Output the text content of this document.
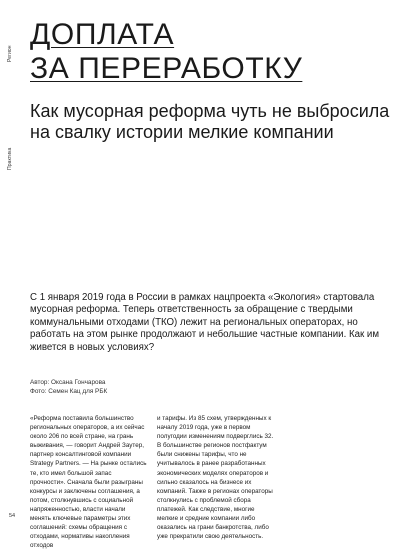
Регион
Практика
ДОПЛАТА
ЗА ПЕРЕРАБОТКУ

Как мусорная реформа чуть не выбросила на свалку истории мелкие компании

С 1 января 2019 года в России в рамках нацпроекта «Экология» стартовала мусорная реформа. Теперь ответственность за обращение с твердыми коммунальными отходами (ТКО) лежит на региональных операторах, но работать на этом рынке продолжают и небольшие частные компании. Как им живется в новых условиях?

Автор: Оксана Гончарова
Фото: Семен Кац для РБК
«Реформа поставила большинство региональных операторов, а их сейчас около 206 по всей стране, на грань выживания, — говорит Андрей Заутер, партнер консалтинговой компании Strategy Partners. — На рынке остались те, кто имел большой запас прочности». Сначала были разыграны конкурсы и заключены соглашения, а потом, столкнувшись с социальной напряженностью, власти начали менять ключевые параметры этих соглашений: схемы обращения с отходами, нормативы накопления отходов
и тарифы. Из 85 схем, утвержденных к началу 2019 года, уже в первом полугодии изменениям подверглись 32. В большинстве регионов постфактум были снижены тарифы, что не учитывалось в ранее разработанных экономических моделях операторов и сильно сказалось на бизнесе их компаний. Также в регионах операторы столкнулись с проблемой сбора платежей. Как следствие, многие мелкие и средние компании либо оказались на грани банкротства, либо уже прекратили свою деятельность.
54
